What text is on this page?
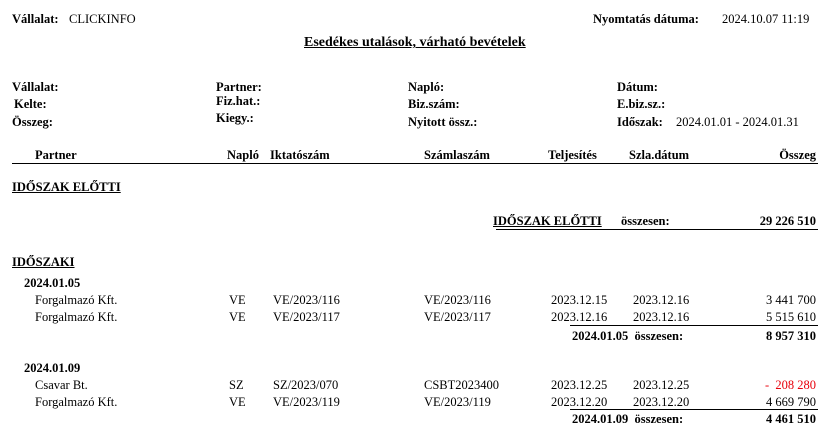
Vállalat: CLICKINFO	Nyomtatás dátuma: 2024.10.07 11:19
Esedékes utalások, várható bevételek
Vállalat:
Kelte:
Összeg:
Partner:
Fiz.hat.:
Kiegy.:
Napló:
Biz.szám:
Nyitott össz.:
Dátum:
E.biz.sz.:
Időszak: 2024.01.01 - 2024.01.31
Partner	Napló Iktatószám	Számlaszám	Teljesítés	Szla.dátum	Összeg
IDŐSZAK ELŐTTI
IDŐSZAK ELŐTTI összesen:	29 226 510
IDŐSZAKI
2024.01.05
Forgalmazó Kft.	VE VE/2023/116	VE/2023/116	2023.12.15 2023.12.16	3 441 700
Forgalmazó Kft.	VE VE/2023/117	VE/2023/117	2023.12.16 2023.12.16	5 515 610
2024.01.05  összesen:	8 957 310
2024.01.09
Csavar Bt.	SZ SZ/2023/070	CSBT2023400	2023.12.25 2023.12.25	-  208 280
Forgalmazó Kft.	VE VE/2023/119	VE/2023/119	2023.12.20 2023.12.20	4 669 790
2024.01.09  összesen:	4 461 510
